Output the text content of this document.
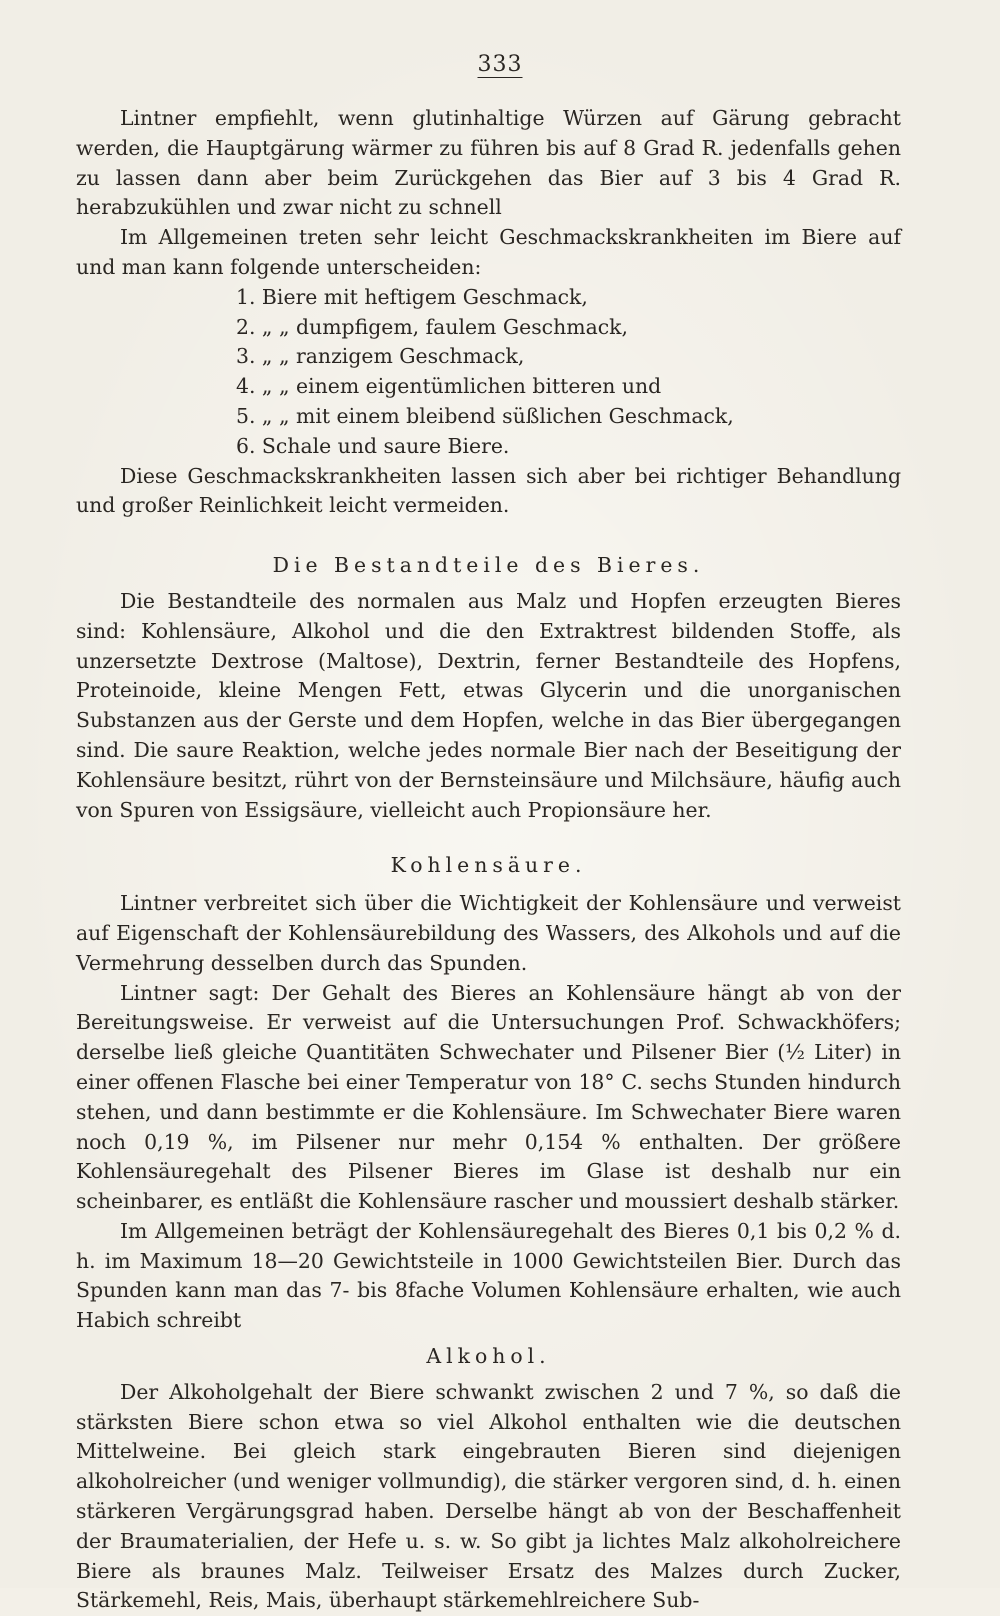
333

Lintner empfiehlt, wenn glutinhaltige Würzen auf Gärung gebracht werden, die Hauptgärung wärmer zu führen bis auf 8 Grad R. jedenfalls gehen zu lassen dann aber beim Zurückgehen das Bier auf 3 bis 4 Grad R. herabzukühlen und zwar nicht zu schnell

Im Allgemeinen treten sehr leicht Geschmackskrankheiten im Biere auf und man kann folgende unterscheiden:

1. Biere mit heftigem Geschmack,
2. „ „ dumpfigem, faulem Geschmack,
3. „ „ ranzigem Geschmack,
4. „ „ einem eigentümlichen bitteren und
5. „ „ mit einem bleibend süßlichen Geschmack,
6. Schale und saure Biere.

Diese Geschmackskrankheiten lassen sich aber bei richtiger Behandlung und großer Reinlichkeit leicht vermeiden.

Die Bestandteile des Bieres.

Die Bestandteile des normalen aus Malz und Hopfen erzeugten Bieres sind: Kohlensäure, Alkohol und die den Extraktrest bildenden Stoffe, als unzersetzte Dextrose (Maltose), Dextrin, ferner Bestandteile des Hopfens, Proteinoide, kleine Mengen Fett, etwas Glycerin und die unorganischen Substanzen aus der Gerste und dem Hopfen, welche in das Bier übergegangen sind. Die saure Reaktion, welche jedes normale Bier nach der Beseitigung der Kohlensäure besitzt, rührt von der Bernsteinsäure und Milchsäure, häufig auch von Spuren von Essigsäure, vielleicht auch Propionsäure her.

Kohlensäure.

Lintner verbreitet sich über die Wichtigkeit der Kohlensäure und verweist auf Eigenschaft der Kohlensäurebildung des Wassers, des Alkohols und auf die Vermehrung desselben durch das Spunden.

Lintner sagt: Der Gehalt des Bieres an Kohlensäure hängt ab von der Bereitungsweise. Er verweist auf die Untersuchungen Prof. Schwackhöfers; derselbe ließ gleiche Quantitäten Schwechater und Pilsener Bier (½ Liter) in einer offenen Flasche bei einer Temperatur von 18° C. sechs Stunden hindurch stehen, und dann bestimmte er die Kohlensäure. Im Schwechater Biere waren noch 0,19 %, im Pilsener nur mehr 0,154 % enthalten. Der größere Kohlensäuregehalt des Pilsener Bieres im Glase ist deshalb nur ein scheinbarer, es entläßt die Kohlensäure rascher und moussiert deshalb stärker.

Im Allgemeinen beträgt der Kohlensäuregehalt des Bieres 0,1 bis 0,2 % d. h. im Maximum 18—20 Gewichtsteile in 1000 Gewichtsteilen Bier. Durch das Spunden kann man das 7- bis 8fache Volumen Kohlensäure erhalten, wie auch Habich schreibt

Alkohol.

Der Alkoholgehalt der Biere schwankt zwischen 2 und 7 %, so daß die stärksten Biere schon etwa so viel Alkohol enthalten wie die deutschen Mittelweine. Bei gleich stark eingebrauten Bieren sind diejenigen alkoholreicher (und weniger vollmundig), die stärker vergoren sind, d. h. einen stärkeren Vergärungsgrad haben. Derselbe hängt ab von der Beschaffenheit der Braumaterialien, der Hefe u. s. w. So gibt ja lichtes Malz alkoholreichere Biere als braunes Malz. Teilweiser Ersatz des Malzes durch Zucker, Stärkemehl, Reis, Mais, überhaupt stärkemehlreichere Sub-
